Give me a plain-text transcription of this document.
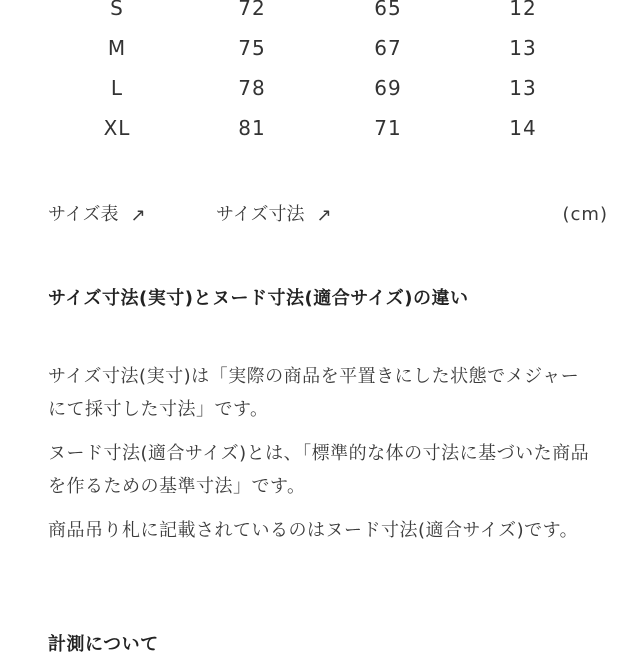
S	72	65	12
M	75	67	13
L	78	69	13
XL	81	71	14
サイズ表 ↗	サイズ寸法 ↗	(cm)
サイズ寸法(実寸)とヌード寸法(適合サイズ)の違い
サイズ寸法(実寸)は「実際の商品を平置きにした状態でメジャーにて採寸した寸法」です。
ヌード寸法(適合サイズ)とは、「標準的な体の寸法に基づいた商品を作るための基準寸法」です。
商品吊り札に記載されているのはヌード寸法(適合サイズ)です。
計測について
